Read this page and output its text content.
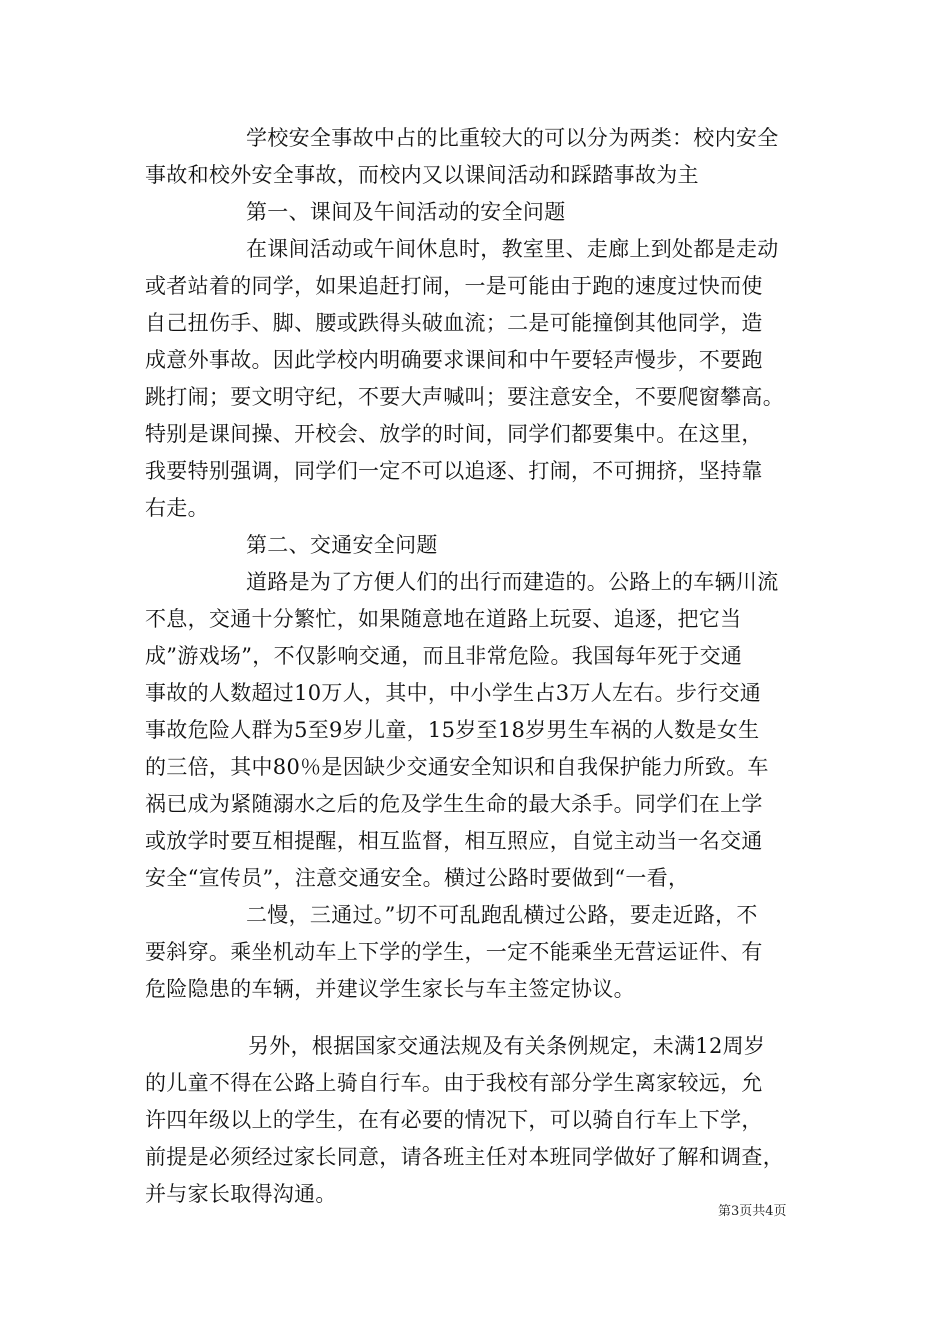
学校安全事故中占的比重较大的可以分为两类：校内安全
事故和校外安全事故，而校内又以课间活动和踩踏事故为主
第一、课间及午间活动的安全问题
在课间活动或午间休息时，教室里、走廊上到处都是走动
或者站着的同学，如果追赶打闹，一是可能由于跑的速度过快而使
自己扭伤手、脚、腰或跌得头破血流；二是可能撞倒其他同学，造
成意外事故。因此学校内明确要求课间和中午要轻声慢步，不要跑
跳打闹；要文明守纪，不要大声喊叫；要注意安全，不要爬窗攀高。
特别是课间操、开校会、放学的时间，同学们都要集中。在这里，
我要特别强调，同学们一定不可以追逐、打闹，不可拥挤，坚持靠
右走。
第二、交通安全问题
道路是为了方便人们的出行而建造的。公路上的车辆川流
不息，交通十分繁忙，如果随意地在道路上玩耍、追逐，把它当
成”游戏场”，不仅影响交通，而且非常危险。我国每年死于交通
事故的人数超过10万人，其中，中小学生占3万人左右。步行交通
事故危险人群为5至9岁儿童，15岁至18岁男生车祸的人数是女生
的三倍，其中80％是因缺少交通安全知识和自我保护能力所致。车
祸已成为紧随溺水之后的危及学生生命的最大杀手。同学们在上学
或放学时要互相提醒，相互监督，相互照应，自觉主动当一名交通
安全“宣传员”，注意交通安全。横过公路时要做到“一看，
二慢，三通过。”切不可乱跑乱横过公路，要走近路，不
要斜穿。乘坐机动车上下学的学生，一定不能乘坐无营运证件、有
危险隐患的车辆，并建议学生家长与车主签定协议。
另外，根据国家交通法规及有关条例规定，未满12周岁
的儿童不得在公路上骑自行车。由于我校有部分学生离家较远，允
许四年级以上的学生，在有必要的情况下，可以骑自行车上下学，
前提是必须经过家长同意，请各班主任对本班同学做好了解和调查，
并与家长取得沟通。
第3页共4页
